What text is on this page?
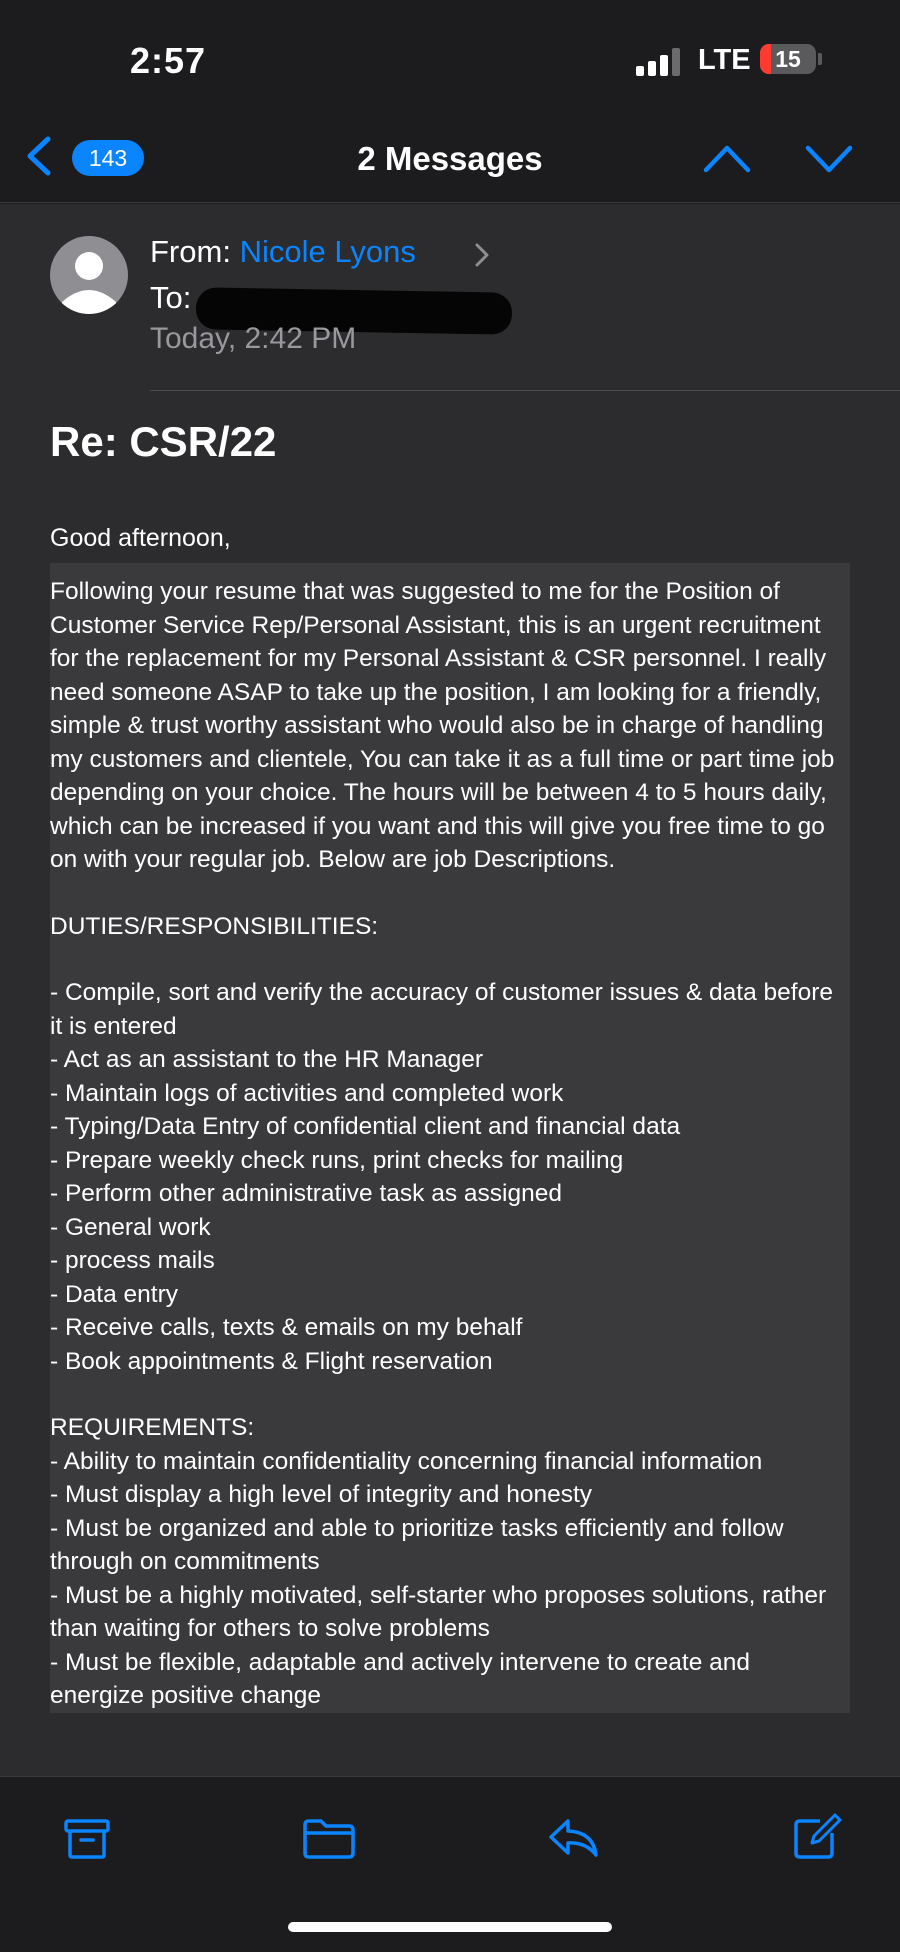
2:57	LTE	15
143	2 Messages
From: Nicole Lyons
To:
Today, 2:42 PM
Re: CSR/22
Good afternoon,

Following your resume that was suggested to me for the Position of Customer Service Rep/Personal Assistant, this is an urgent recruitment for the replacement for my Personal Assistant & CSR personnel. I really need someone ASAP to take up the position, I am looking for a friendly, simple & trust worthy assistant who would also be in charge of handling my customers and clientele, You can take it as a full time or part time job depending on your choice. The hours will be between 4 to 5 hours daily, which can be increased if you want and this will give you free time to go on with your regular job. Below are job Descriptions.

DUTIES/RESPONSIBILITIES:

- Compile, sort and verify the accuracy of customer issues & data before it is entered
- Act as an assistant to the HR Manager
- Maintain logs of activities and completed work
- Typing/Data Entry of confidential client and financial data
- Prepare weekly check runs, print checks for mailing
- Perform other administrative task as assigned
- General work
- process mails
- Data entry
- Receive calls, texts & emails on my behalf
- Book appointments & Flight reservation

REQUIREMENTS:

- Ability to maintain confidentiality concerning financial information
- Must display a high level of integrity and honesty
- Must be organized and able to prioritize tasks efficiently and follow through on commitments
- Must be a highly motivated, self-starter who proposes solutions, rather than waiting for others to solve problems
- Must be flexible, adaptable and actively intervene to create and energize positive change
